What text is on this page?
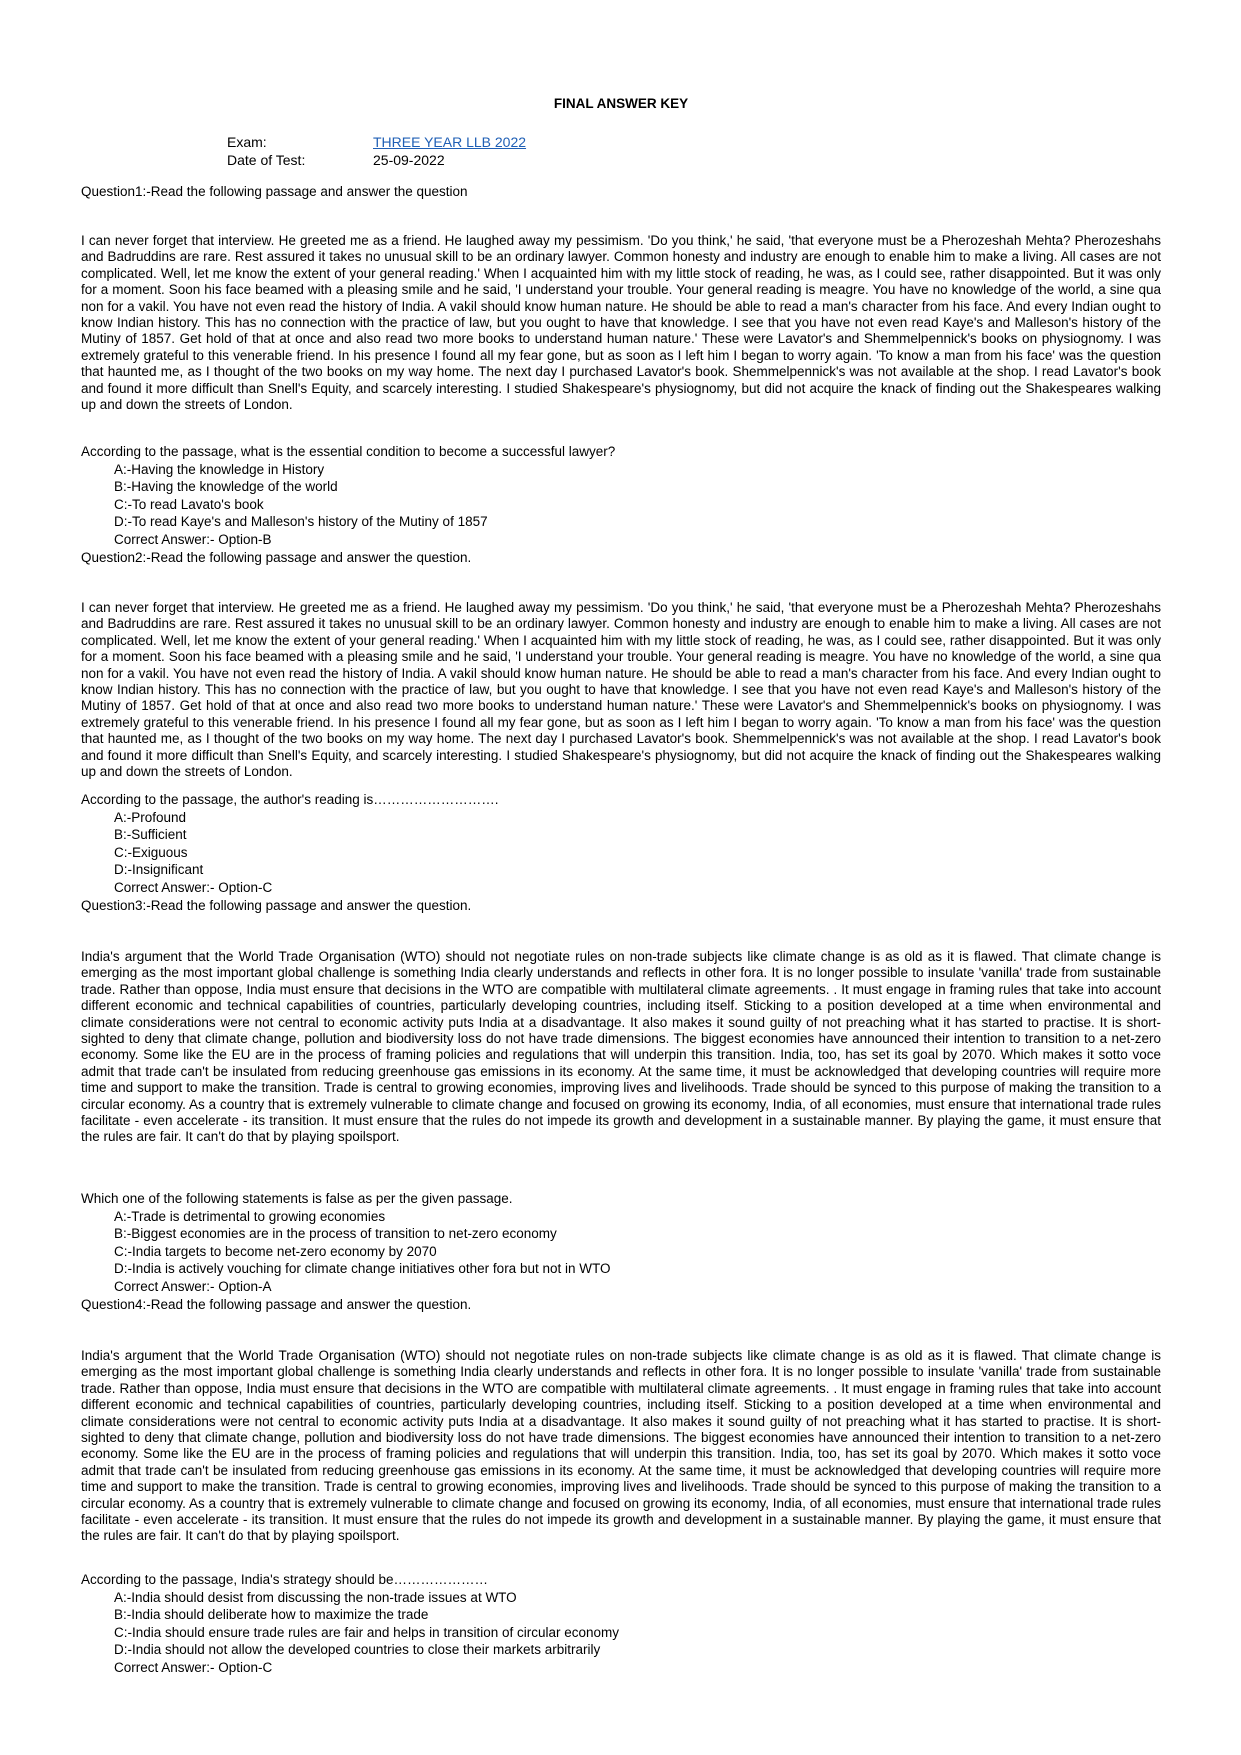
FINAL ANSWER KEY
Exam:	THREE YEAR LLB 2022
Date of Test:	25-09-2022
Question1:-Read the following passage and answer the question
I can never forget that interview. He greeted me as a friend. He laughed away my pessimism. 'Do you think,' he said, 'that everyone must be a Pherozeshah Mehta? Pherozeshahs and Badruddins are rare. Rest assured it takes no unusual skill to be an ordinary lawyer. Common honesty and industry are enough to enable him to make a living. All cases are not complicated. Well, let me know the extent of your general reading.' When I acquainted him with my little stock of reading, he was, as I could see, rather disappointed. But it was only for a moment. Soon his face beamed with a pleasing smile and he said, 'I understand your trouble. Your general reading is meagre. You have no knowledge of the world, a sine qua non for a vakil. You have not even read the history of India. A vakil should know human nature. He should be able to read a man's character from his face. And every Indian ought to know Indian history. This has no connection with the practice of law, but you ought to have that knowledge. I see that you have not even read Kaye's and Malleson's history of the Mutiny of 1857. Get hold of that at once and also read two more books to understand human nature.' These were Lavator's and Shemmelpennick's books on physiognomy. I was extremely grateful to this venerable friend. In his presence I found all my fear gone, but as soon as I left him I began to worry again. 'To know a man from his face' was the question that haunted me, as I thought of the two books on my way home. The next day I purchased Lavator's book. Shemmelpennick's was not available at the shop. I read Lavator's book and found it more difficult than Snell's Equity, and scarcely interesting. I studied Shakespeare's physiognomy, but did not acquire the knack of finding out the Shakespeares walking up and down the streets of London.
According to the passage, what is the essential condition to become a successful lawyer?
A:-Having the knowledge in History
B:-Having the knowledge of the world
C:-To read Lavato's book
D:-To read Kaye's and Malleson's history of the Mutiny of 1857
Correct Answer:- Option-B
Question2:-Read the following passage and answer the question.
I can never forget that interview. He greeted me as a friend. He laughed away my pessimism. 'Do you think,' he said, 'that everyone must be a Pherozeshah Mehta? Pherozeshahs and Badruddins are rare. Rest assured it takes no unusual skill to be an ordinary lawyer. Common honesty and industry are enough to enable him to make a living. All cases are not complicated. Well, let me know the extent of your general reading.' When I acquainted him with my little stock of reading, he was, as I could see, rather disappointed. But it was only for a moment. Soon his face beamed with a pleasing smile and he said, 'I understand your trouble. Your general reading is meagre. You have no knowledge of the world, a sine qua non for a vakil. You have not even read the history of India. A vakil should know human nature. He should be able to read a man's character from his face. And every Indian ought to know Indian history. This has no connection with the practice of law, but you ought to have that knowledge. I see that you have not even read Kaye's and Malleson's history of the Mutiny of 1857. Get hold of that at once and also read two more books to understand human nature.' These were Lavator's and Shemmelpennick's books on physiognomy. I was extremely grateful to this venerable friend. In his presence I found all my fear gone, but as soon as I left him I began to worry again. 'To know a man from his face' was the question that haunted me, as I thought of the two books on my way home. The next day I purchased Lavator's book. Shemmelpennick's was not available at the shop. I read Lavator's book and found it more difficult than Snell's Equity, and scarcely interesting. I studied Shakespeare's physiognomy, but did not acquire the knack of finding out the Shakespeares walking up and down the streets of London.
According to the passage, the author's reading is……………………….
A:-Profound
B:-Sufficient
C:-Exiguous
D:-Insignificant
Correct Answer:- Option-C
Question3:-Read the following passage and answer the question.
India's argument that the World Trade Organisation (WTO) should not negotiate rules on non-trade subjects like climate change is as old as it is flawed. That climate change is emerging as the most important global challenge is something India clearly understands and reflects in other fora. It is no longer possible to insulate 'vanilla' trade from sustainable trade. Rather than oppose, India must ensure that decisions in the WTO are compatible with multilateral climate agreements. . It must engage in framing rules that take into account different economic and technical capabilities of countries, particularly developing countries, including itself. Sticking to a position developed at a time when environmental and climate considerations were not central to economic activity puts India at a disadvantage. It also makes it sound guilty of not preaching what it has started to practise. It is short-sighted to deny that climate change, pollution and biodiversity loss do not have trade dimensions. The biggest economies have announced their intention to transition to a net-zero economy. Some like the EU are in the process of framing policies and regulations that will underpin this transition. India, too, has set its goal by 2070. Which makes it sotto voce admit that trade can't be insulated from reducing greenhouse gas emissions in its economy. At the same time, it must be acknowledged that developing countries will require more time and support to make the transition. Trade is central to growing economies, improving lives and livelihoods. Trade should be synced to this purpose of making the transition to a circular economy. As a country that is extremely vulnerable to climate change and focused on growing its economy, India, of all economies, must ensure that international trade rules facilitate - even accelerate - its transition. It must ensure that the rules do not impede its growth and development in a sustainable manner. By playing the game, it must ensure that the rules are fair. It can't do that by playing spoilsport.
Which one of the following statements is false as per the given passage.
A:-Trade is detrimental to growing economies
B:-Biggest economies are in the process of transition to net-zero economy
C:-India targets to become net-zero economy by 2070
D:-India is actively vouching for climate change initiatives other fora but not in WTO
Correct Answer:- Option-A
Question4:-Read the following passage and answer the question.
India's argument that the World Trade Organisation (WTO) should not negotiate rules on non-trade subjects like climate change is as old as it is flawed. That climate change is emerging as the most important global challenge is something India clearly understands and reflects in other fora. It is no longer possible to insulate 'vanilla' trade from sustainable trade. Rather than oppose, India must ensure that decisions in the WTO are compatible with multilateral climate agreements. . It must engage in framing rules that take into account different economic and technical capabilities of countries, particularly developing countries, including itself. Sticking to a position developed at a time when environmental and climate considerations were not central to economic activity puts India at a disadvantage. It also makes it sound guilty of not preaching what it has started to practise. It is short-sighted to deny that climate change, pollution and biodiversity loss do not have trade dimensions. The biggest economies have announced their intention to transition to a net-zero economy. Some like the EU are in the process of framing policies and regulations that will underpin this transition. India, too, has set its goal by 2070. Which makes it sotto voce admit that trade can't be insulated from reducing greenhouse gas emissions in its economy. At the same time, it must be acknowledged that developing countries will require more time and support to make the transition. Trade is central to growing economies, improving lives and livelihoods. Trade should be synced to this purpose of making the transition to a circular economy. As a country that is extremely vulnerable to climate change and focused on growing its economy, India, of all economies, must ensure that international trade rules facilitate - even accelerate - its transition. It must ensure that the rules do not impede its growth and development in a sustainable manner. By playing the game, it must ensure that the rules are fair. It can't do that by playing spoilsport.
According to the passage, India's strategy should be…………………
A:-India should desist from discussing the non-trade issues at WTO
B:-India should deliberate how to maximize the trade
C:-India should ensure trade rules are fair and helps in transition of circular economy
D:-India should not allow the developed countries to close their markets arbitrarily
Correct Answer:- Option-C
